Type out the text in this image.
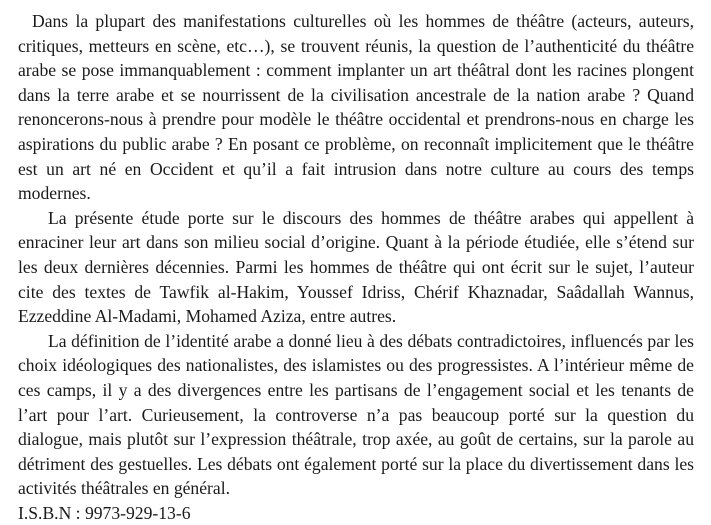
Dans la plupart des manifestations culturelles où les hommes de théâtre (acteurs, auteurs, critiques, metteurs en scène, etc…), se trouvent réunis, la question de l’authenticité du théâtre arabe se pose immanquablement : comment implanter un art théâtral dont les racines plongent dans la terre arabe et se nourrissent de la civilisation ancestrale de la nation arabe ? Quand renoncerons-nous à prendre pour modèle le théâtre occidental et prendrons-nous en charge les aspirations du public arabe ? En posant ce problème, on reconnaît implicitement que le théâtre est un art né en Occident et qu’il a fait intrusion dans notre culture au cours des temps modernes.

La présente étude porte sur le discours des hommes de théâtre arabes qui appellent à enraciner leur art dans son milieu social d’origine. Quant à la période étudiée, elle s’étend sur les deux dernières décennies. Parmi les hommes de théâtre qui ont écrit sur le sujet, l’auteur cite des textes de Tawfik al-Hakim, Youssef Idriss, Chérif Khaznadar, Saâdallah Wannus, Ezzeddine Al-Madami, Mohamed Aziza, entre autres.

La définition de l’identité arabe a donné lieu à des débats contradictoires, influencés par les choix idéologiques des nationalistes, des islamistes ou des progressistes. A l’intérieur même de ces camps, il y a des divergences entre les partisans de l’engagement social et les tenants de l’art pour l’art. Curieusement, la controverse n’a pas beaucoup porté sur la question du dialogue, mais plutôt sur l’expression théâtrale, trop axée, au goût de certains, sur la parole au détriment des gestuelles. Les débats ont également porté sur la place du divertissement dans les activités théâtrales en général.

I.S.B.N : 9973-929-13-6
